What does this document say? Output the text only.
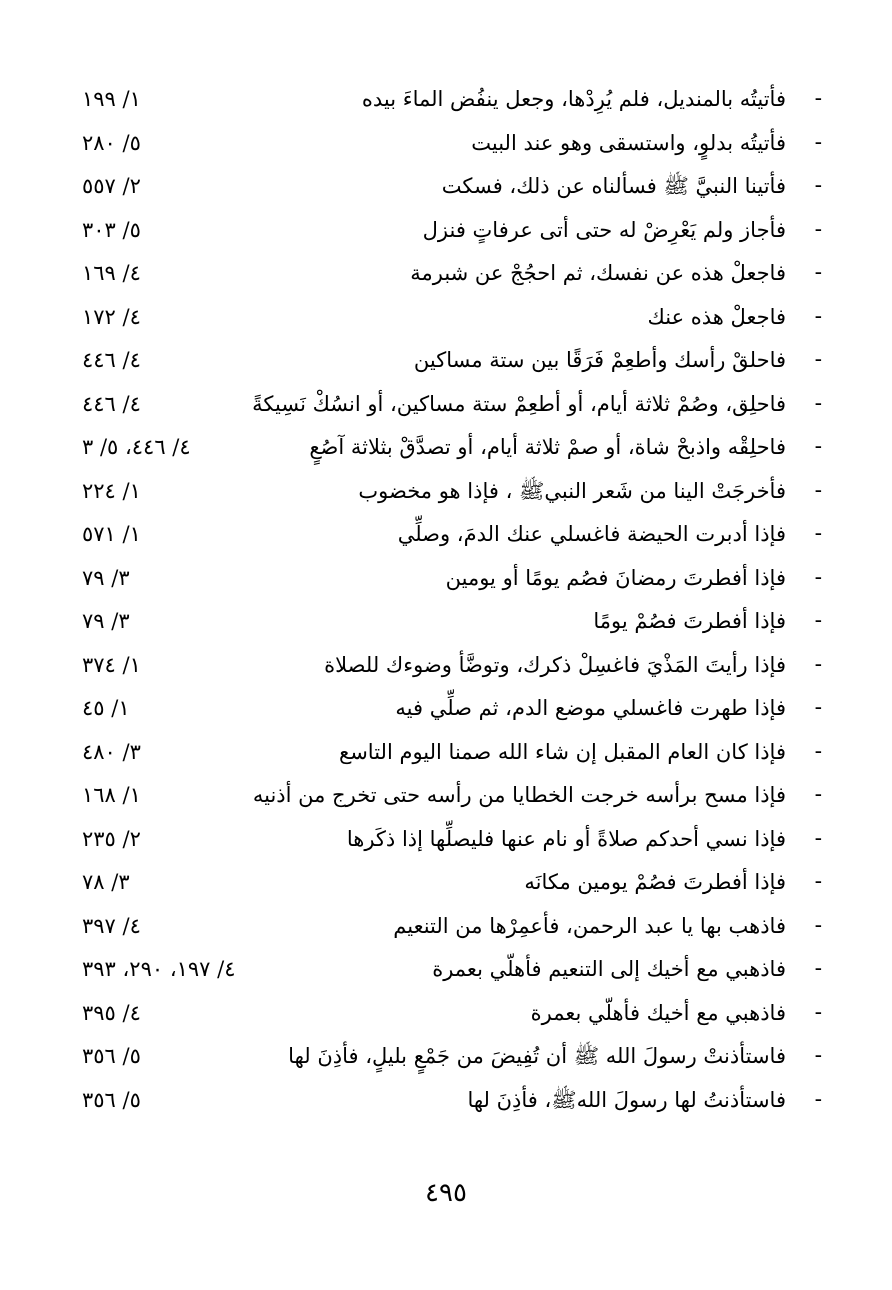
-
فأتيتُه بالمنديل، فلم يُرِدْها، وجعل ينفُض الماءَ بيده
١/ ١٩٩
-
فأتيتُه بدلوٍ، واستسقى وهو عند البيت
٥/ ٢٨٠
-
فأتينا النبيَّ ﷺ فسألناه عن ذلك، فسكت
٢/ ٥٥٧
-
فأجاز ولم يَعْرِضْ له حتى أتى عرفاتٍ فنزل
٥/ ٣٠٣
-
فاجعلْ هذه عن نفسك، ثم احجُجْ عن شبرمة
٤/ ١٦٩
-
فاجعلْ هذه عنك
٤/ ١٧٢
-
فاحلقْ رأسك وأطعِمْ فَرَقًا بين ستة مساكين
٤/ ٤٤٦
-
فاحلِق، وصُمْ ثلاثة أيام، أو أطعِمْ ستة مساكين، أو انسُكْ نَسِيكةً
٤/ ٤٤٦
-
فاحلِقْه واذبحْ شاة، أو صمْ ثلاثة أيام، أو تصدَّقْ بثلاثة آصُعٍ
٤/ ٤٤٦، ٥/ ٣
-
فأخرجَتْ الينا من شَعر النبيﷺ ، فإذا هو مخضوب
١/ ٢٢٤
-
فإذا أدبرت الحيضة فاغسلي عنك الدمَ، وصلِّي
١/ ٥٧١
-
فإذا أفطرتَ رمضانَ فصُم يومًا أو يومين
٣/ ٧٩
-
فإذا أفطرتَ فصُمْ يومًا
٣/ ٧٩
-
فإذا رأيتَ المَذْيَ فاغسِلْ ذكرك، وتوضَّأ وضوءك للصلاة
١/ ٣٧٤
-
فإذا طهرت فاغسلي موضع الدم، ثم صلِّي فيه
١/ ٤٥
-
فإذا كان العام المقبل إن شاء الله صمنا اليوم التاسع
٣/ ٤٨٠
-
فإذا مسح برأسه خرجت الخطايا من رأسه حتى تخرج من أذنيه
١/ ١٦٨
-
فإذا نسي أحدكم صلاةً أو نام عنها فليصلِّها إذا ذكَرها
٢/ ٢٣٥
-
فإذا أفطرتَ فصُمْ يومين مكانَه
٣/ ٧٨
-
فاذهب بها يا عبد الرحمن، فأعمِرْها من التنعيم
٤/ ٣٩٧
-
فاذهبي مع أخيك إلى التنعيم فأهلّي بعمرة
٤/ ١٩٧، ٢٩٠، ٣٩٣
-
فاذهبي مع أخيك فأهلّي بعمرة
٤/ ٣٩٥
-
فاستأذنتْ رسولَ الله ﷺ أن تُفِيضَ من جَمْعٍ بليلٍ، فأذِنَ لها
٥/ ٣٥٦
-
فاستأذنتُ لها رسولَ اللهﷺ، فأذِنَ لها
٥/ ٣٥٦
٤٩٥
